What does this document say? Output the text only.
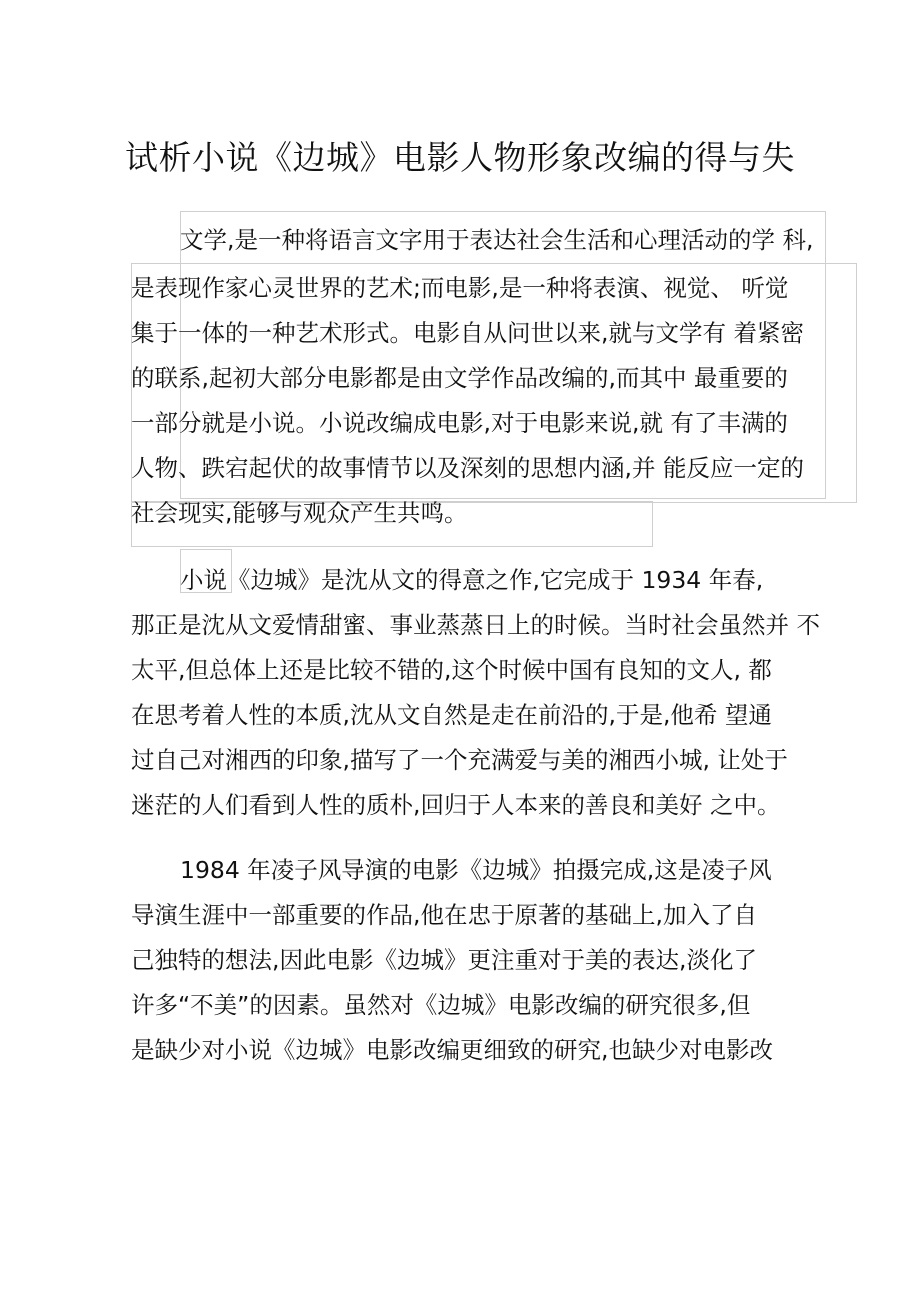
试析小说《边城》电影人物形象改编的得与失
文学,是一种将语言文字用于表达社会生活和心理活动的学 科,
是表现作家心灵世界的艺术;而电影,是一种将表演、视觉、 听觉
集于一体的一种艺术形式。电影自从问世以来,就与文学有 着紧密
的联系,起初大部分电影都是由文学作品改编的,而其中 最重要的
一部分就是小说。小说改编成电影,对于电影来说,就 有了丰满的
人物、跌宕起伏的故事情节以及深刻的思想内涵,并 能反应一定的
社会现实,能够与观众产生共鸣。
小说《边城》是沈从文的得意之作,它完成于 1934 年春,
那正是沈从文爱情甜蜜、事业蒸蒸日上的时候。当时社会虽然并 不
太平,但总体上还是比较不错的,这个时候中国有良知的文人, 都
在思考着人性的本质,沈从文自然是走在前沿的,于是,他希 望通
过自己对湘西的印象,描写了一个充满爱与美的湘西小城, 让处于
迷茫的人们看到人性的质朴,回归于人本来的善良和美好 之中。
1984 年凌子风导演的电影《边城》拍摄完成,这是凌子风
导演生涯中一部重要的作品,他在忠于原著的基础上,加入了自
己独特的想法,因此电影《边城》更注重对于美的表达,淡化了
许多“不美”的因素。虽然对《边城》电影改编的研究很多,但
是缺少对小说《边城》电影改编更细致的研究,也缺少对电影改
